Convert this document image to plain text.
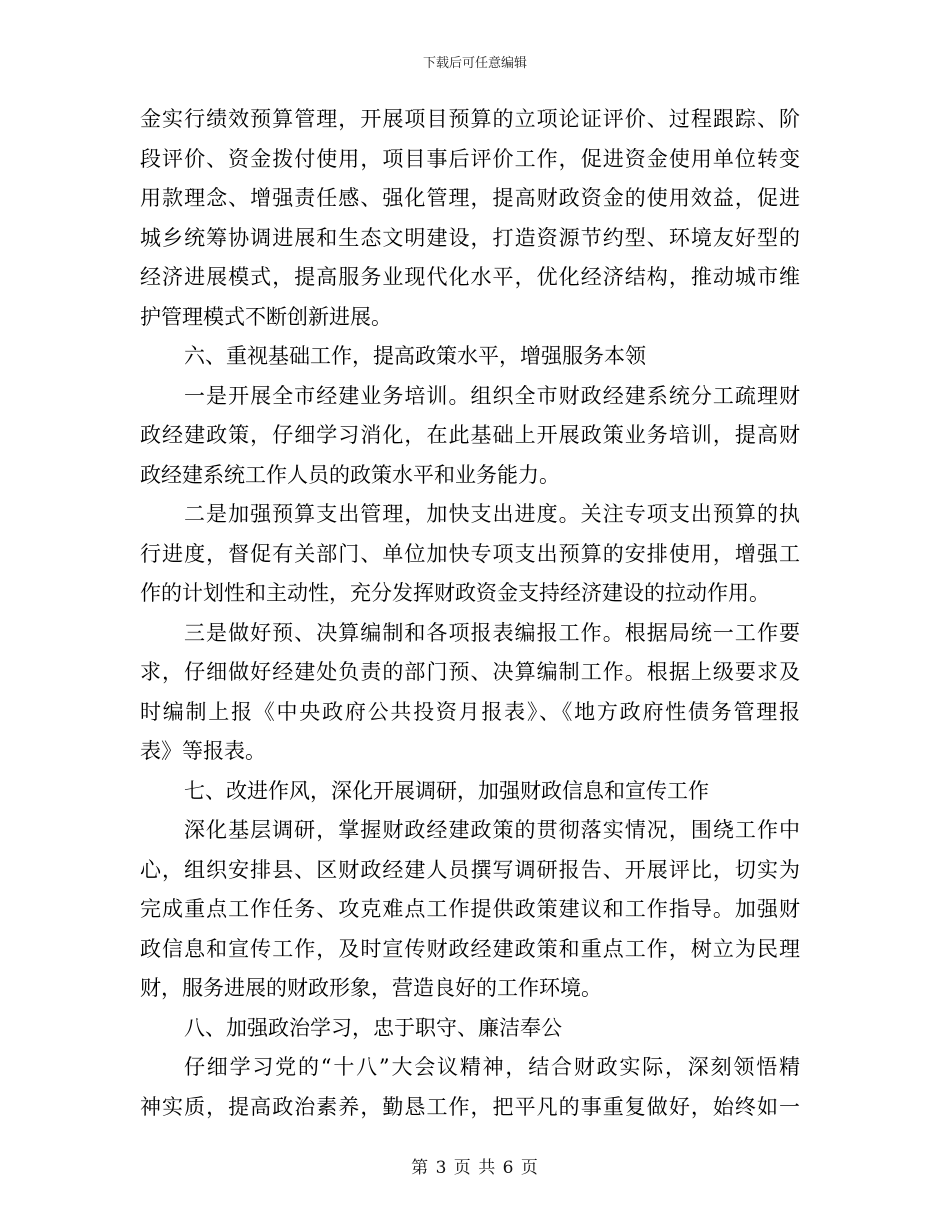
下载后可任意编辑
金实行绩效预算管理，开展项目预算的立项论证评价、过程跟踪、阶
段评价、资金拨付使用，项目事后评价工作，促进资金使用单位转变
用款理念、增强责任感、强化管理，提高财政资金的使用效益，促进
城乡统筹协调进展和生态文明建设，打造资源节约型、环境友好型的
经济进展模式，提高服务业现代化水平，优化经济结构，推动城市维
护管理模式不断创新进展。
六、重视基础工作，提高政策水平，增强服务本领
一是开展全市经建业务培训。组织全市财政经建系统分工疏理财
政经建政策，仔细学习消化，在此基础上开展政策业务培训，提高财
政经建系统工作人员的政策水平和业务能力。
二是加强预算支出管理，加快支出进度。关注专项支出预算的执
行进度，督促有关部门、单位加快专项支出预算的安排使用，增强工
作的计划性和主动性，充分发挥财政资金支持经济建设的拉动作用。
三是做好预、决算编制和各项报表编报工作。根据局统一工作要
求，仔细做好经建处负责的部门预、决算编制工作。根据上级要求及
时编制上报《中央政府公共投资月报表》、《地方政府性债务管理报
表》等报表。
七、改进作风，深化开展调研，加强财政信息和宣传工作
深化基层调研，掌握财政经建政策的贯彻落实情况，围绕工作中
心，组织安排县、区财政经建人员撰写调研报告、开展评比，切实为
完成重点工作任务、攻克难点工作提供政策建议和工作指导。加强财
政信息和宣传工作，及时宣传财政经建政策和重点工作，树立为民理
财，服务进展的财政形象，营造良好的工作环境。
八、加强政治学习，忠于职守、廉洁奉公
仔细学习党的“十八”大会议精神，结合财政实际，深刻领悟精
神实质，提高政治素养，勤恳工作，把平凡的事重复做好，始终如一
第 3 页 共 6 页
